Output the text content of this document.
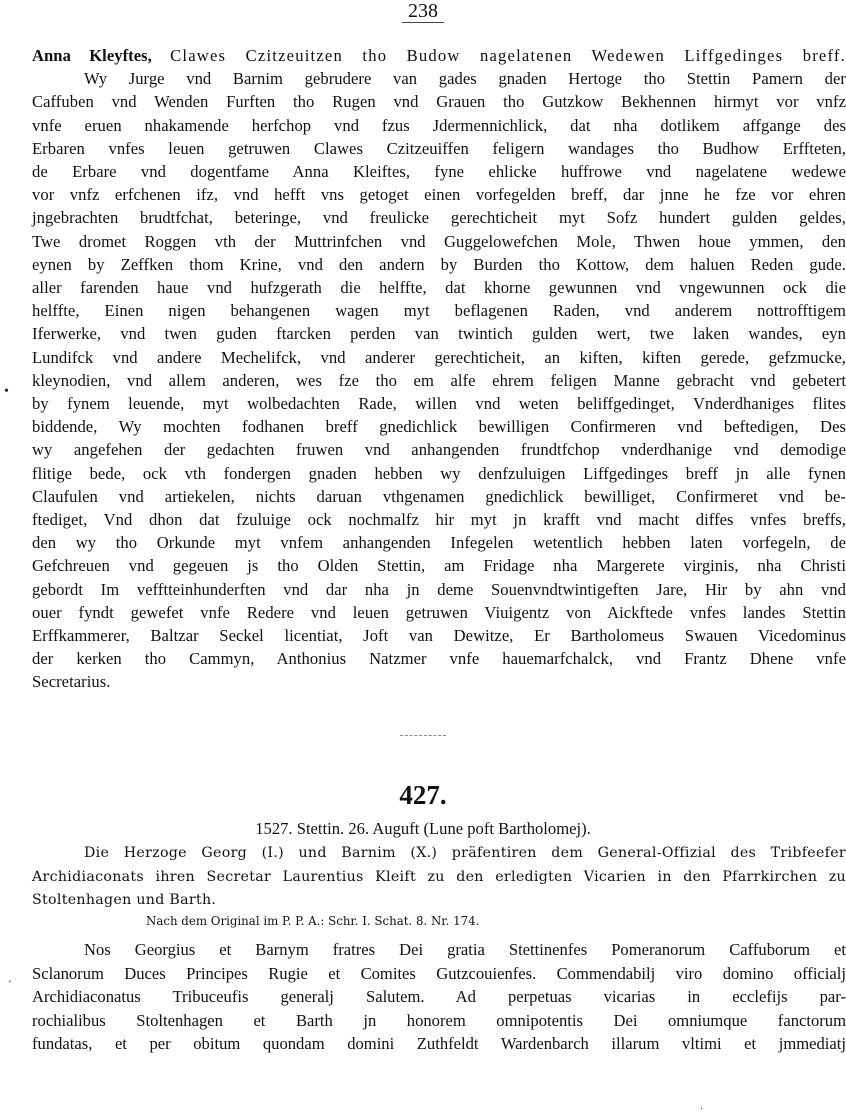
238
Anna Kleyftes, Clawes Czitzeuitzen tho Budow nagelatenen Wedewen Liffgedinges breff.
Wy Jurge vnd Barnim gebrudere van gades gnaden Hertoge tho Stettin Pamern der
Caffuben vnd Wenden Furften tho Rugen vnd Grauen tho Gutzkow Bekhennen hirmyt vor vnfz
vnfe eruen nhakamende herfchop vnd fzus Jdermennichlick, dat nha dotlikem affgange des
Erbaren vnfes leuen getruwen Clawes Czitzeuiffen feligern wandages tho Budhow Erffteten,
de Erbare vnd dogentfame Anna Kleiftes, fyne ehlicke huffrowe vnd nagelatene wedewe
vor vnfz erfchenen ifz, vnd hefft vns getoget einen vorfegelden breff, dar jnne he fze vor ehren
jngebrachten brudtfchat, beteringe, vnd freulicke gerechticheit myt Sofz hundert gulden geldes,
Twe dromet Roggen vth der Muttrinfchen vnd Guggelowefchen Mole, Thwen houe ymmen, den
eynen by Zeffken thom Krine, vnd den andern by Burden tho Kottow, dem haluen Reden gude.
aller farenden haue vnd hufzgerath die helffte, dat khorne gewunnen vnd vngewunnen ock die
helffte, Einen nigen behangenen wagen myt beflagenen Raden, vnd anderem nottrofftigem
Iferwerke, vnd twen guden ftarcken perden van twintich gulden wert, twe laken wandes, eyn
Lundifck vnd andere Mechelifck, vnd anderer gerechticheit, an kiften, kiften gerede, gefzmucke,
kleynodien, vnd allem anderen, wes fze tho em alfe ehrem feligen Manne gebracht vnd gebetert
by fynem leuende, myt wolbedachten Rade, willen vnd weten beliffgedinget, Vnderdhaniges flites
biddende, Wy mochten fodhanen breff gnedichlick bewilligen Confirmeren vnd beftedigen, Des
wy angefehen der gedachten fruwen vnd anhangenden frundtfchop vnderdhanige vnd demodige
flitige bede, ock vth fondergen gnaden hebben wy denfzuluigen Liffgedinges breff jn alle fynen
Claufulen vnd artiekelen, nichts daruan vthgenamen gnedichlick bewilliget, Confirmeret vnd be-
ftediget, Vnd dhon dat fzuluige ock nochmalfz hir myt jn krafft vnd macht diffes vnfes breffs,
den wy tho Orkunde myt vnfem anhangenden Infegelen wetentlich hebben laten vorfegeln, de
Gefchreuen vnd gegeuen js tho Olden Stettin, am Fridage nha Margerete virginis, nha Christi
gebordt Im vefftteinhunderften vnd dar nha jn deme Souenvndtwintigeften Jare, Hir by ahn vnd
ouer fyndt gewefet vnfe Redere vnd leuen getruwen Viuigentz von Aickftede vnfes landes Stettin
Erffkammerer, Baltzar Seckel licentiat, Joft van Dewitze, Er Bartholomeus Swauen Vicedominus
der kerken tho Cammyn, Anthonius Natzmer vnfe hauemarfchalck, vnd Frantz Dhene vnfe
Secretarius.
•
427.
1527. Stettin. 26. Auguft (Lune poft Bartholomej).
Die Herzoge Georg (I.) und Barnim (X.) präfentiren dem General-Offizial des Tribfeefer Archidiaconats ihren Secretar Laurentius Kleift zu den erledigten Vicarien in den Pfarrkirchen zu Stoltenhagen und Barth.
Nach dem Original im P. P. A.: Schr. I. Schat. 8. Nr. 174.
Nos Georgius et Barnym fratres Dei gratia Stettinenfes Pomeranorum Caffuborum et
Sclanorum Duces Principes Rugie et Comites Gutzcouienfes. Commendabilj viro domino officialj
Archidiaconatus Tribuceufis generalj Salutem. Ad perpetuas vicarias in ecclefijs par-
rochialibus Stoltenhagen et Barth jn honorem omnipotentis Dei omniumque fanctorum
fundatas, et per obitum quondam domini Zuthfeldt Wardenbarch illarum vltimi et jmmediatj
`
.
